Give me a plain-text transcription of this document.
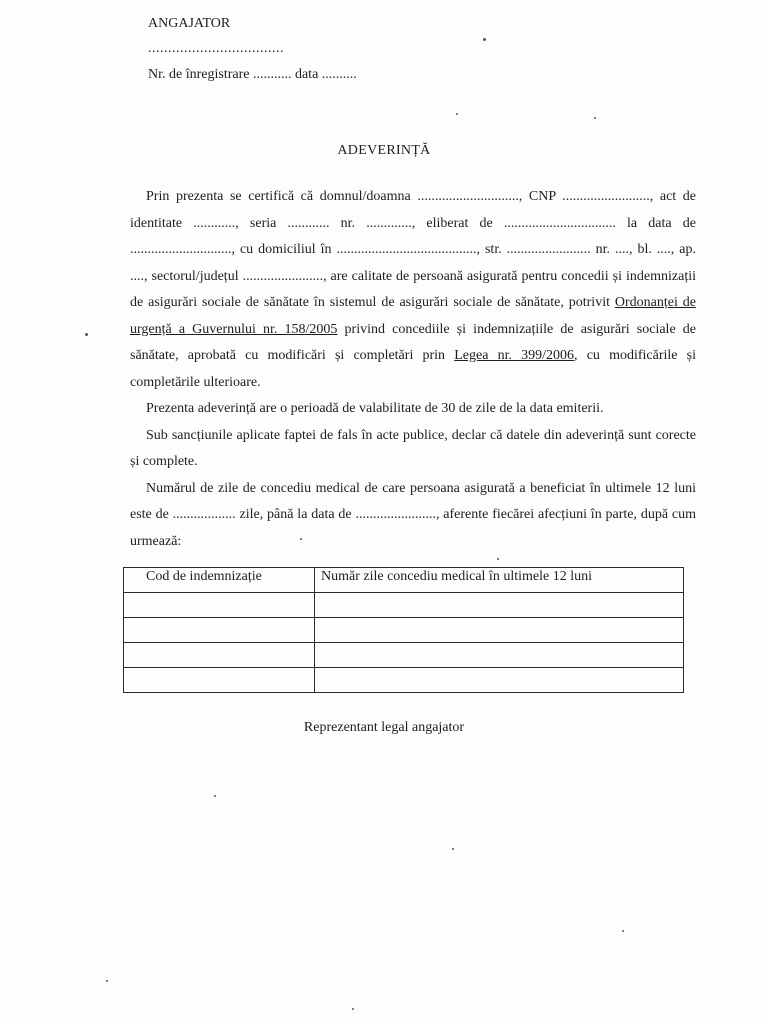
ANGAJATOR
..................................
Nr. de înregistrare ........... data ..........
ADEVERINȚĂ

Prin prezenta se certifică că domnul/doamna ............................., CNP ........................., act de identitate ............, seria ............ nr. ............., eliberat de ................................ la data de ............................., cu domiciliul în ........................................, str. ........................ nr. ...., bl. ...., ap. ...., sectorul/județul ......................., are calitate de persoană asigurată pentru concedii și indemnizații de asigurări sociale de sănătate în sistemul de asigurări sociale de sănătate, potrivit Ordonanței de urgență a Guvernului nr. 158/2005 privind concediile și indemnizațiile de asigurări sociale de sănătate, aprobată cu modificări și completări prin Legea nr. 399/2006, cu modificările și completările ulterioare.

Prezenta adeverință are o perioadă de valabilitate de 30 de zile de la data emiterii.

Sub sancțiunile aplicate faptei de fals în acte publice, declar că datele din adeverință sunt corecte și complete.

Numărul de zile de concediu medical de care persoana asigurată a beneficiat în ultimele 12 luni este de .................. zile, până la data de ......................., aferente fiecărei afecțiuni în parte, după cum urmează:

Cod de indemnizație	Număr zile concediu medical în ultimele 12 luni

Reprezentant legal angajator
